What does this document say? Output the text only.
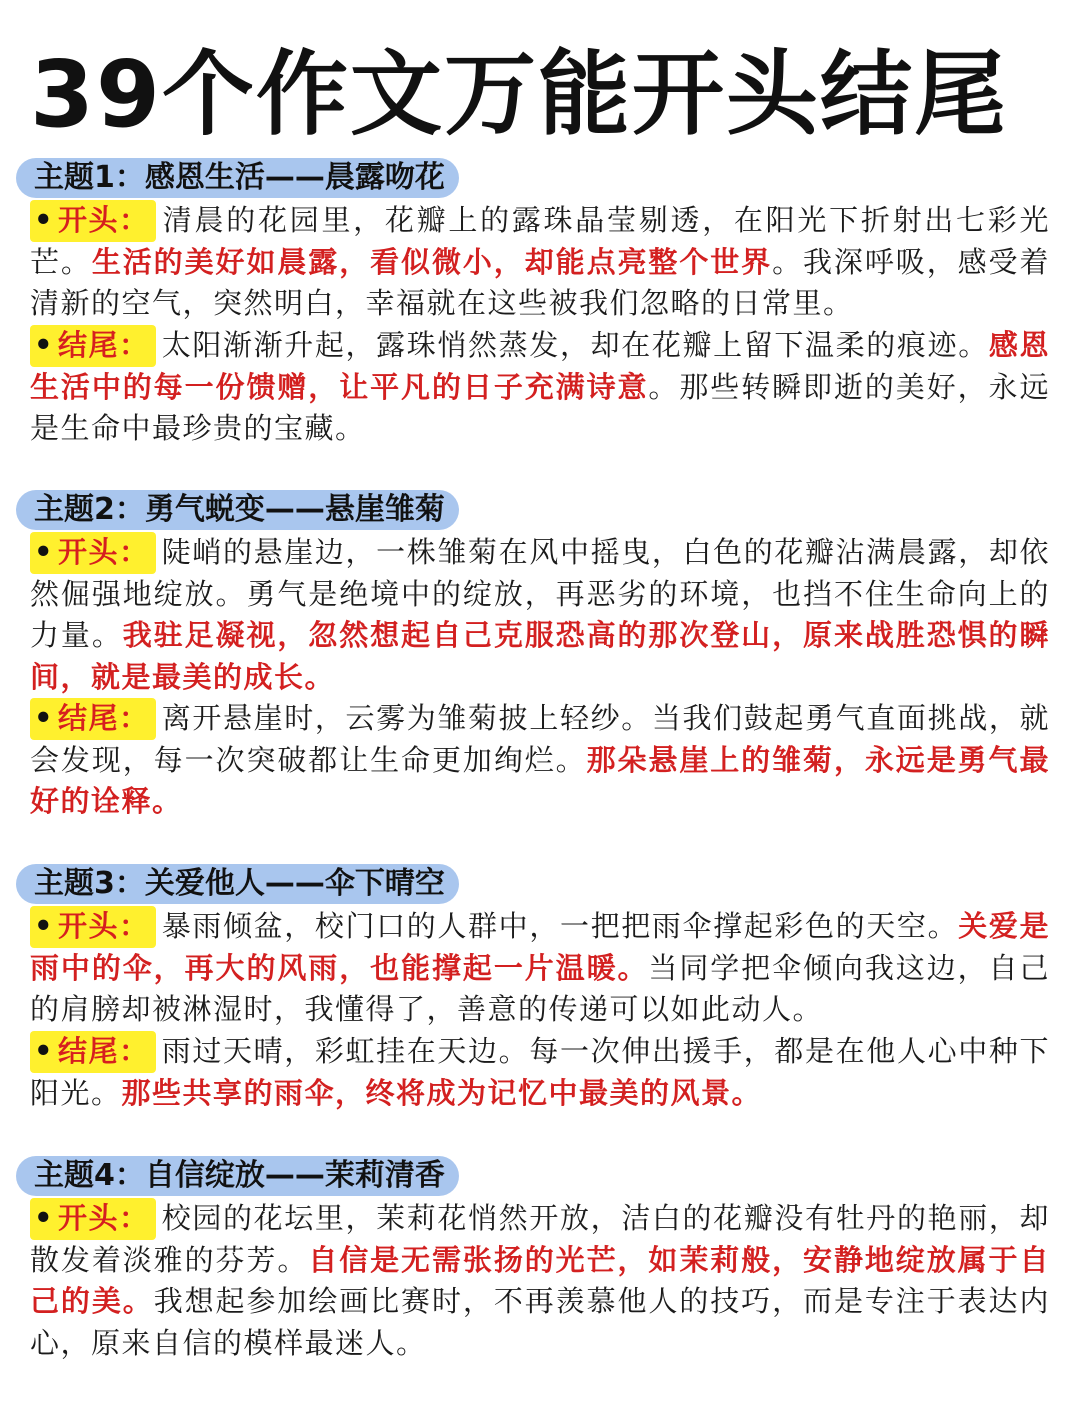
39个作文万能开头结尾
主题1：感恩生活——晨露吻花

• 开头： 清晨的花园里，花瓣上的露珠晶莹剔透，在阳光下折射出七彩光芒。生活的美好如晨露，看似微小，却能点亮整个世界。我深呼吸，感受着清新的空气，突然明白，幸福就在这些被我们忽略的日常里。

• 结尾： 太阳渐渐升起，露珠悄然蒸发，却在花瓣上留下温柔的痕迹。感恩生活中的每一份馈赠，让平凡的日子充满诗意。那些转瞬即逝的美好，永远是生命中最珍贵的宝藏。

主题2：勇气蜕变——悬崖雏菊

• 开头： 陡峭的悬崖边，一株雏菊在风中摇曳，白色的花瓣沾满晨露，却依然倔强地绽放。勇气是绝境中的绽放，再恶劣的环境，也挡不住生命向上的力量。我驻足凝视，忽然想起自己克服恐高的那次登山，原来战胜恐惧的瞬间，就是最美的成长。

• 结尾： 离开悬崖时，云雾为雏菊披上轻纱。当我们鼓起勇气直面挑战，就会发现，每一次突破都让生命更加绚烂。那朵悬崖上的雏菊，永远是勇气最好的诠释。

主题3：关爱他人——伞下晴空

• 开头： 暴雨倾盆，校门口的人群中，一把把雨伞撑起彩色的天空。关爱是雨中的伞，再大的风雨，也能撑起一片温暖。当同学把伞倾向我这边，自己的肩膀却被淋湿时，我懂得了，善意的传递可以如此动人。

• 结尾： 雨过天晴，彩虹挂在天边。每一次伸出援手，都是在他人心中种下阳光。那些共享的雨伞，终将成为记忆中最美的风景。

主题4：自信绽放——茉莉清香

• 开头： 校园的花坛里，茉莉花悄然开放，洁白的花瓣没有牡丹的艳丽，却散发着淡雅的芬芳。自信是无需张扬的光芒，如茉莉般，安静地绽放属于自己的美。我想起参加绘画比赛时，不再羡慕他人的技巧，而是专注于表达内心，原来自信的模样最迷人。
